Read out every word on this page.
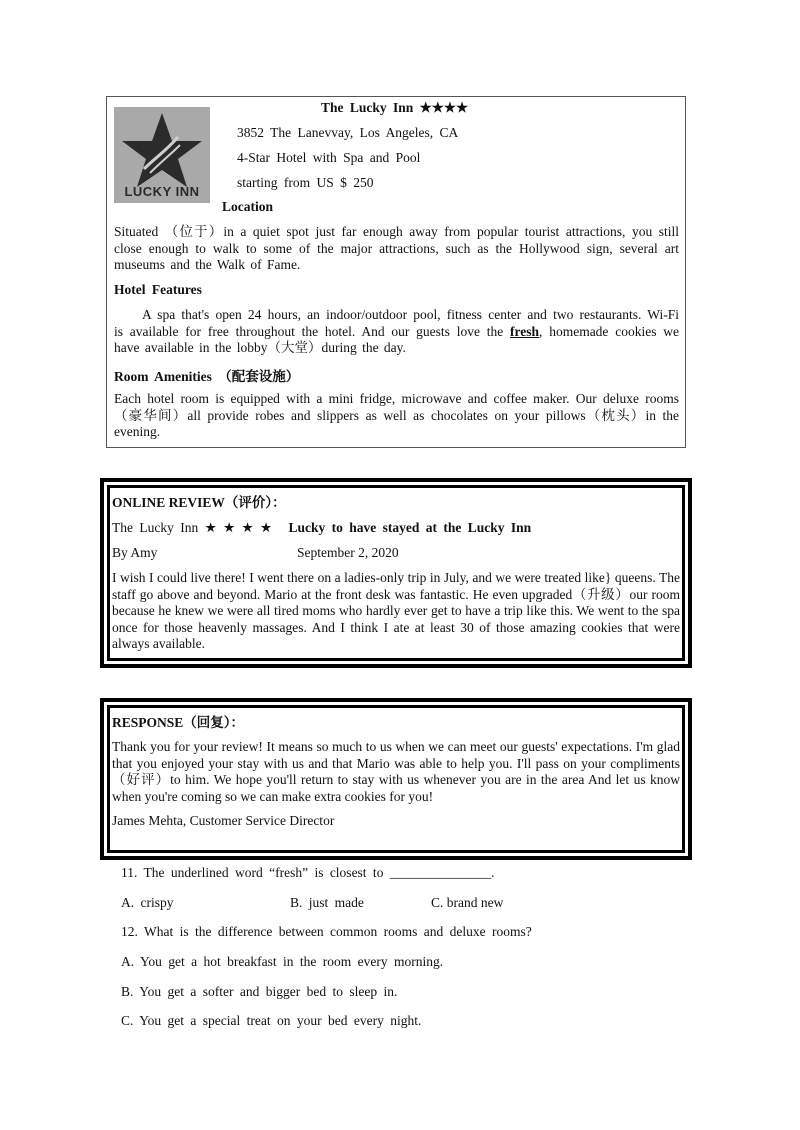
LUCKY INN
The Lucky Inn ★★★★
3852 The Lanevvay, Los Angeles, CA
4-Star Hotel with Spa and Pool
starting from US $ 250
Location
Situated （位于）in a quiet spot just far enough away from popular tourist attractions, you still close enough to walk to some of the major attractions, such as the Hollywood sign, several art museums and the Walk of Fame.
Hotel Features
A spa that's open 24 hours, an indoor/outdoor pool, fitness center and two restaurants. Wi-Fi is available for free throughout the hotel. And our guests love the fresh, homemade cookies we have available in the lobby（大堂）during the day.
Room Amenities （配套设施）
Each hotel room is equipped with a mini fridge, microwave and coffee maker. Our deluxe rooms（豪华间）all provide robes and slippers as well as chocolates on your pillows（枕头）in the evening.
ONLINE REVIEW（评价）：
The Lucky Inn ★ ★ ★ ★ Lucky to have stayed at the Lucky Inn
By Amy	September 2, 2020
I wish I could live there! I went there on a ladies-only trip in July, and we were treated like} queens. The staff go above and beyond. Mario at the front desk was fantastic. He even upgraded（升级）our room because he knew we were all tired moms who hardly ever get to have a trip like this. We went to the spa once for those heavenly massages. And I think I ate at least 30 of those amazing cookies that were always available.
RESPONSE（回复）：
Thank you for your review! It means so much to us when we can meet our guests' expectations. I'm glad that you enjoyed your stay with us and that Mario was able to help you. I'll pass on your compliments（好评）to him. We hope you'll return to stay with us whenever you are in the area And let us know when you're coming so we can make extra cookies for you!
James Mehta, Customer Service Director
11. The underlined word “fresh” is closest to _______________.
A. crispy	B. just made	C. brand new
12. What is the difference between common rooms and deluxe rooms?
A. You get a hot breakfast in the room every morning.
B. You get a softer and bigger bed to sleep in.
C. You get a special treat on your bed every night.
